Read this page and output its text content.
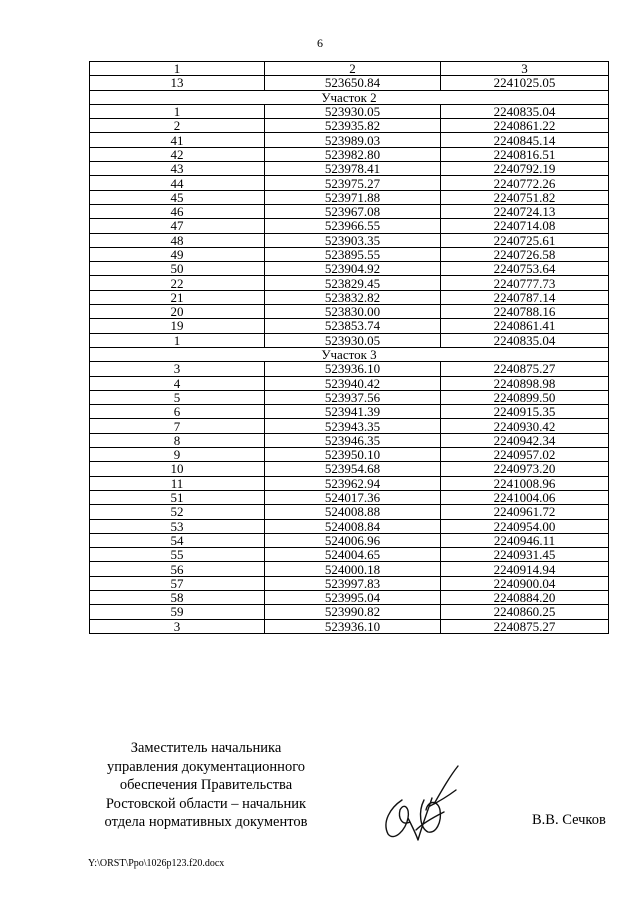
6
1	2	3
13	523650.84	2241025.05
Участок 2		
1	523930.05	2240835.04
2	523935.82	2240861.22
41	523989.03	2240845.14
42	523982.80	2240816.51
43	523978.41	2240792.19
44	523975.27	2240772.26
45	523971.88	2240751.82
46	523967.08	2240724.13
47	523966.55	2240714.08
48	523903.35	2240725.61
49	523895.55	2240726.58
50	523904.92	2240753.64
22	523829.45	2240777.73
21	523832.82	2240787.14
20	523830.00	2240788.16
19	523853.74	2240861.41
1	523930.05	2240835.04
Участок 3		
3	523936.10	2240875.27
4	523940.42	2240898.98
5	523937.56	2240899.50
6	523941.39	2240915.35
7	523943.35	2240930.42
8	523946.35	2240942.34
9	523950.10	2240957.02
10	523954.68	2240973.20
11	523962.94	2241008.96
51	524017.36	2241004.06
52	524008.88	2240961.72
53	524008.84	2240954.00
54	524006.96	2240946.11
55	524004.65	2240931.45
56	524000.18	2240914.94
57	523997.83	2240900.04
58	523995.04	2240884.20
59	523990.82	2240860.25
3	523936.10	2240875.27
Заместитель начальника
управления документационного
обеспечения Правительства
Ростовской области – начальник
отдела нормативных документов	В.В. Сечков
Y:\ORST\Ppo\1026p123.f20.docx
